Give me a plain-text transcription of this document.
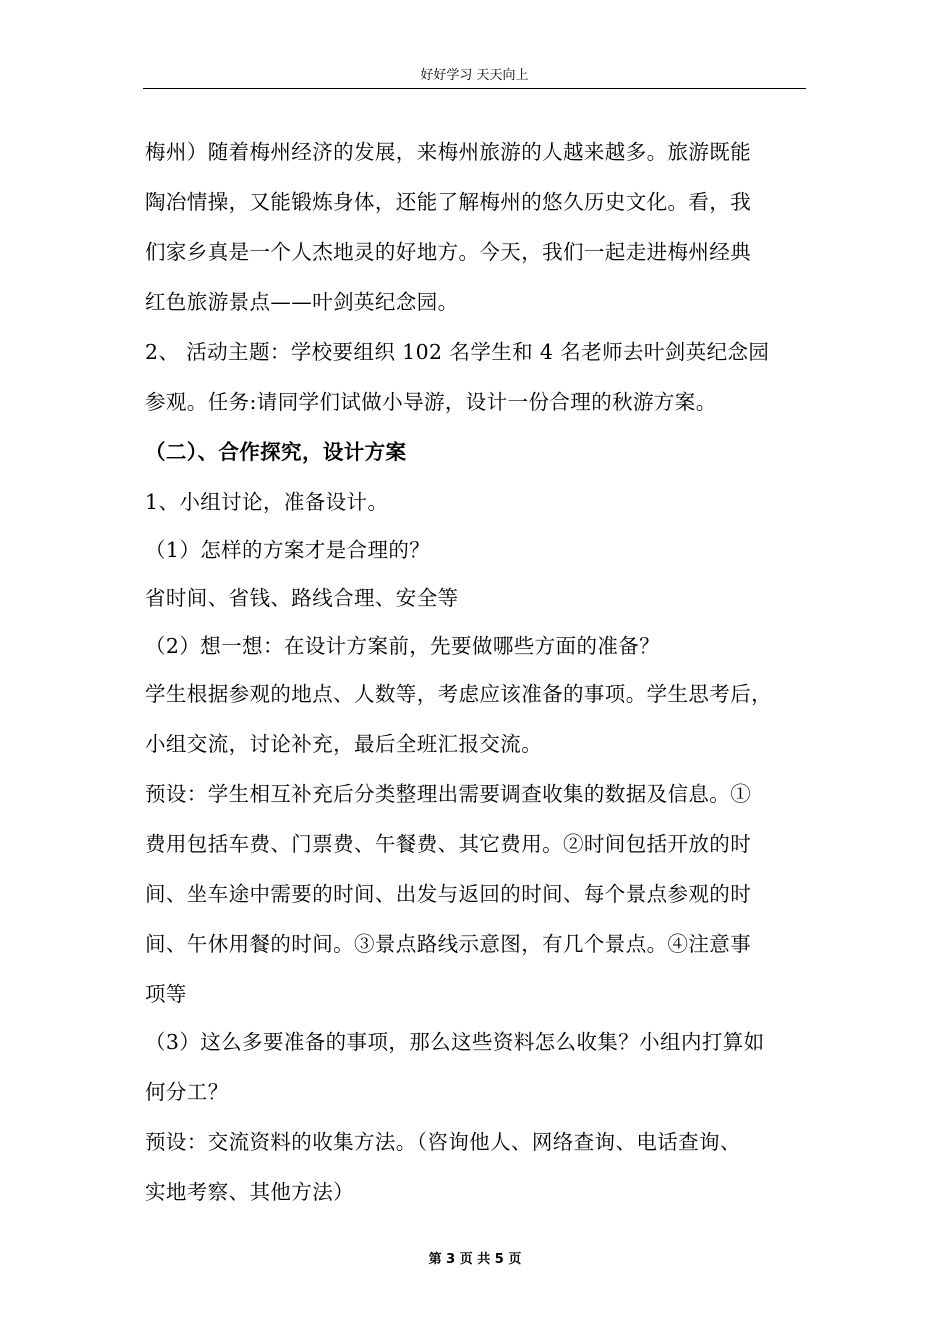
好好学习 天天向上
梅州）随着梅州经济的发展，来梅州旅游的人越来越多。旅游既能
陶冶情操，又能锻炼身体，还能了解梅州的悠久历史文化。看，我
们家乡真是一个人杰地灵的好地方。今天，我们一起走进梅州经典
红色旅游景点——叶剑英纪念园。
2、 活动主题：学校要组织 102 名学生和 4 名老师去叶剑英纪念园
参观。任务:请同学们试做小导游，设计一份合理的秋游方案。
（二）、合作探究，设计方案
1、小组讨论，准备设计。
（1）怎样的方案才是合理的？
省时间、省钱、路线合理、安全等
（2）想一想：在设计方案前，先要做哪些方面的准备？
学生根据参观的地点、人数等，考虑应该准备的事项。学生思考后，
小组交流，讨论补充，最后全班汇报交流。
预设：学生相互补充后分类整理出需要调查收集的数据及信息。①
费用包括车费、门票费、午餐费、其它费用。②时间包括开放的时
间、坐车途中需要的时间、出发与返回的时间、每个景点参观的时
间、午休用餐的时间。③景点路线示意图，有几个景点。④注意事
项等
（3）这么多要准备的事项，那么这些资料怎么收集？小组内打算如
何分工？
预设：交流资料的收集方法。（咨询他人、网络查询、电话查询、
实地考察、其他方法）
第 3 页 共 5 页
